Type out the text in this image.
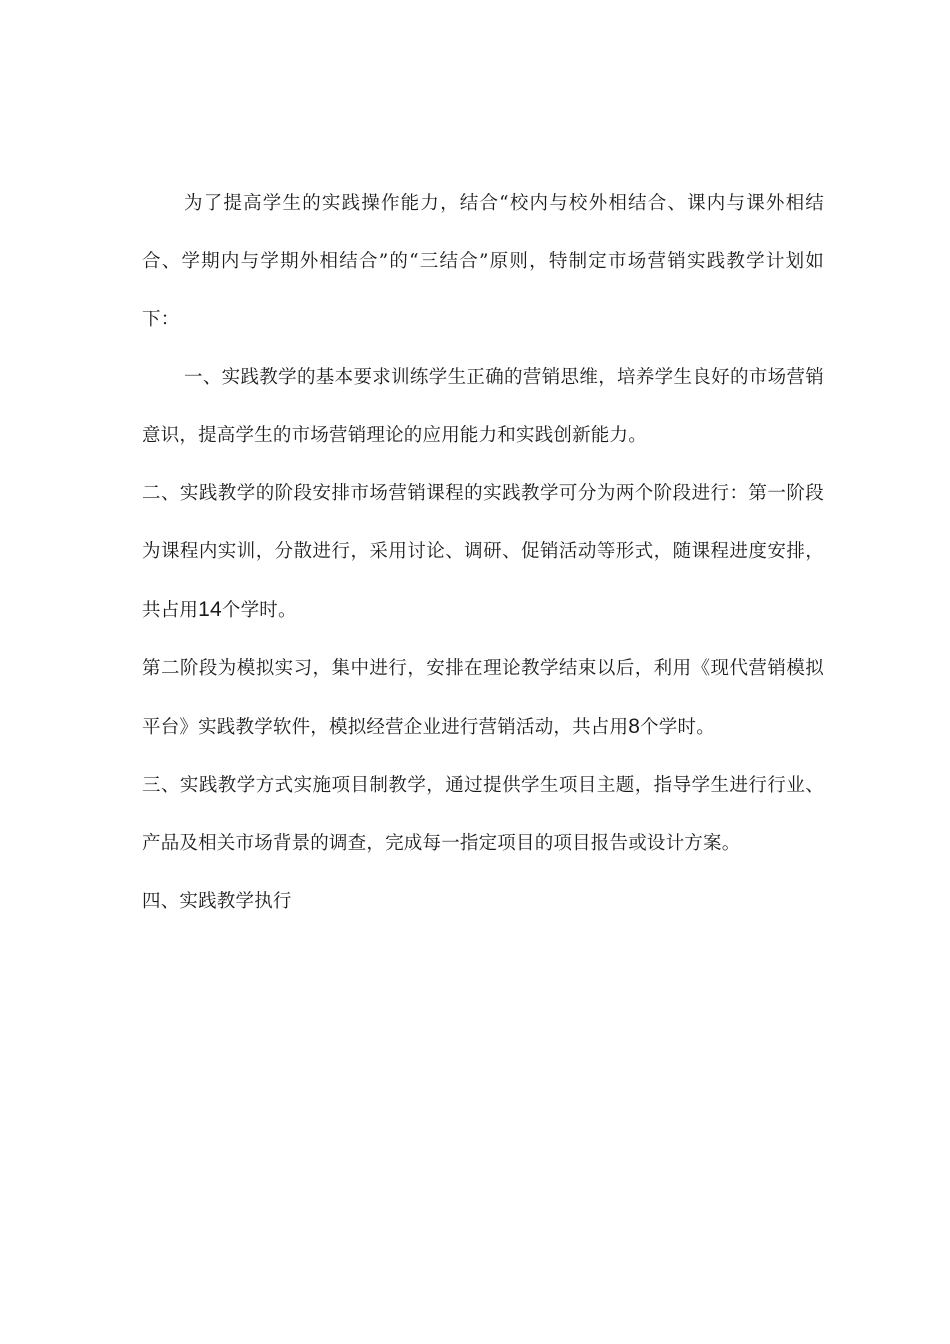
为了提高学生的实践操作能力，结合“校内与校外相结合、课内与课外相结合、学期内与学期外相结合”的“三结合”原则，特制定市场营销实践教学计划如下：

一、实践教学的基本要求训练学生正确的营销思维，培养学生良好的市场营销意识，提高学生的市场营销理论的应用能力和实践创新能力。

二、实践教学的阶段安排市场营销课程的实践教学可分为两个阶段进行：第一阶段为课程内实训，分散进行，采用讨论、调研、促销活动等形式，随课程进度安排，共占用14个学时。

第二阶段为模拟实习，集中进行，安排在理论教学结束以后，利用《现代营销模拟平台》实践教学软件，模拟经营企业进行营销活动，共占用8个学时。

三、实践教学方式实施项目制教学，通过提供学生项目主题，指导学生进行行业、产品及相关市场背景的调查，完成每一指定项目的项目报告或设计方案。

四、实践教学执行
